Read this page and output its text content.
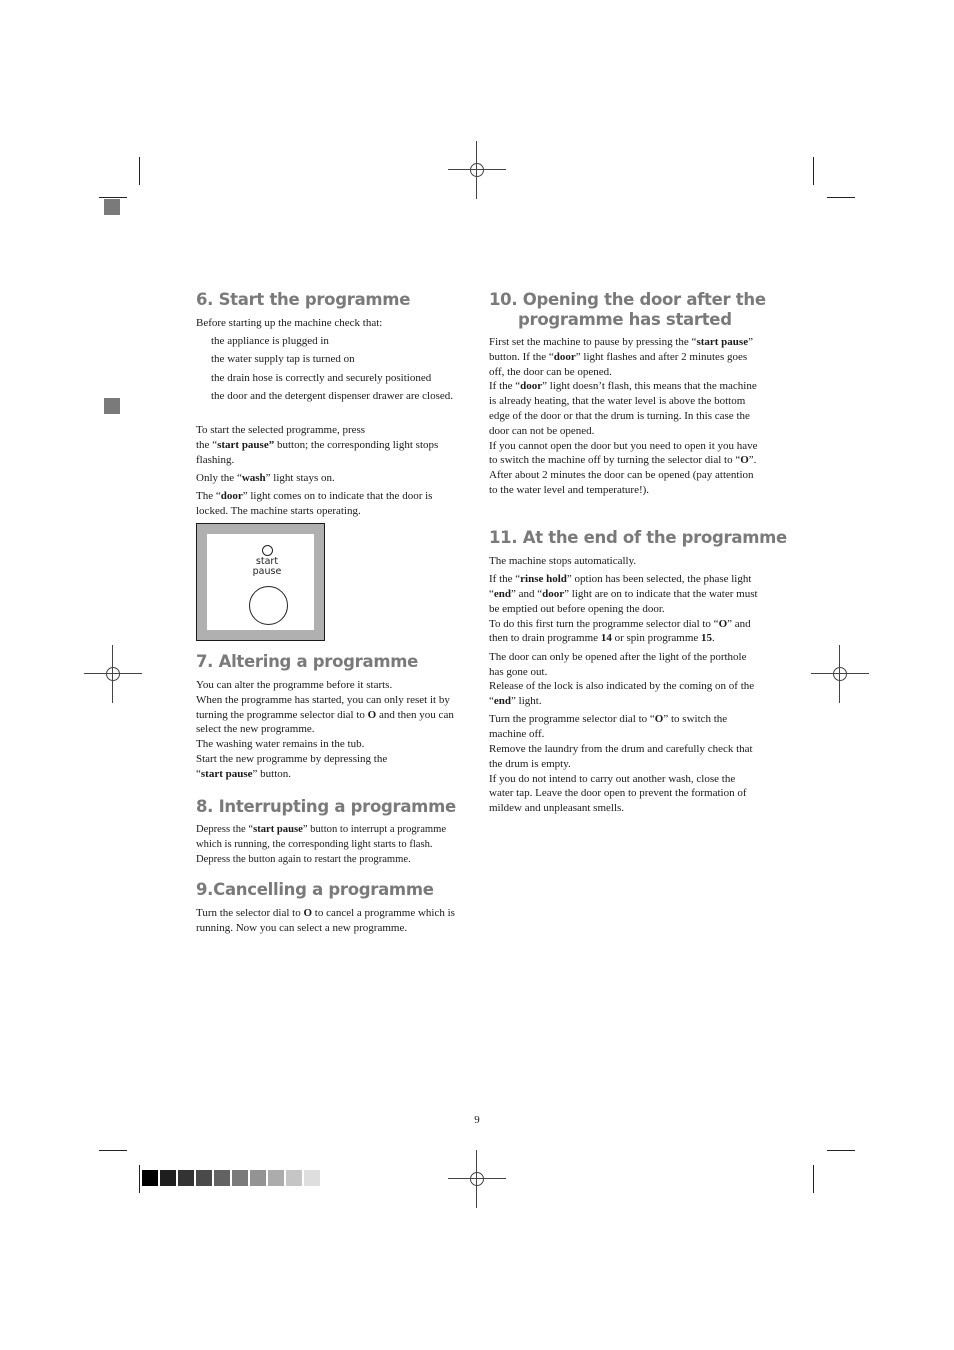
6. Start the programme
Before starting up the machine check that:
the appliance is plugged in
the water supply tap is turned on
the drain hose is correctly and securely positioned
the door and the detergent dispenser drawer are closed.

To start the selected programme, press
the “start pause” button; the corresponding light stops flashing.

Only the “wash” light stays on.

The “door” light comes on to indicate that the door is locked. The machine starts operating.

start
pause
7. Altering a programme
You can alter the programme before it starts.
When the programme has started, you can only reset it by turning the programme selector dial to O and then you can select the new programme.
The washing water remains in the tub.
Start the new programme by depressing the
“start pause” button.
8. Interrupting a programme
Depress the “start pause” button to interrupt a programme which is running, the corresponding light starts to flash. Depress the button again to restart the programme.
9.Cancelling a programme
Turn the selector dial to O to cancel a programme which is running. Now you can select a new programme.
10. Opening the door after the
programme has started
First set the machine to pause by pressing the “start pause” button. If the “door” light flashes and after 2 minutes goes off, the door can be opened.
If the “door” light doesn’t flash, this means that the machine is already heating, that the water level is above the bottom edge of the door or that the drum is turning. In this case the door can not be opened.
If you cannot open the door but you need to open it you have to switch the machine off by turning the selector dial to “O”. After about 2 minutes the door can be opened (pay attention to the water level and temperature!).
11. At the end of the programme

The machine stops automatically.

If the “rinse hold” option has been selected, the phase light “end” and “door” light are on to indicate that the water must be emptied out before opening the door.
To do this first turn the programme selector dial to “O” and then to drain programme 14 or spin programme 15.

The door can only be opened after the light of the porthole has gone out.
Release of the lock is also indicated by the coming on of the “end” light.

Turn the programme selector dial to “O” to switch the machine off.
Remove the laundry from the drum and carefully check that the drum is empty.
If you do not intend to carry out another wash, close the water tap. Leave the door open to prevent the formation of mildew and unpleasant smells.

9
